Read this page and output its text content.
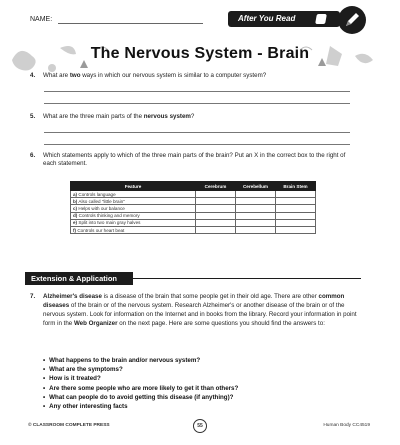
NAME:	After You Read
The Nervous System - Brain
4. What are two ways in which our nervous system is similar to a computer system?
5. What are the three main parts of the nervous system?
6. Which statements apply to which of the three main parts of the brain? Put an X in the correct box to the right of each statement.
Feature	Cerebrum	Cerebellum	Brain Stem
a) Controls language			
b) Also called "little brain"			
c) Helps with our balance			
d) Controls thinking and memory			
e) Split into two main gray halves			
f) Controls our heart beat			
Extension & Application
7. Alzheimer's disease is a disease of the brain that some people get in their old age. There are other common diseases of the brain or of the nervous system. Research Alzheimer's or another disease of the brain or of the nervous system. Look for information on the Internet and in books from the library. Record your information in point form in the Web Organizer on the next page. Here are some questions you should find the answers to:
• What happens to the brain and/or nervous system?
• What are the symptoms?
• How is it treated?
• Are there some people who are more likely to get it than others?
• What can people do to avoid getting this disease (if anything)?
• Any other interesting facts
© CLASSROOM COMPLETE PRESS	55	Human Body CC4519
